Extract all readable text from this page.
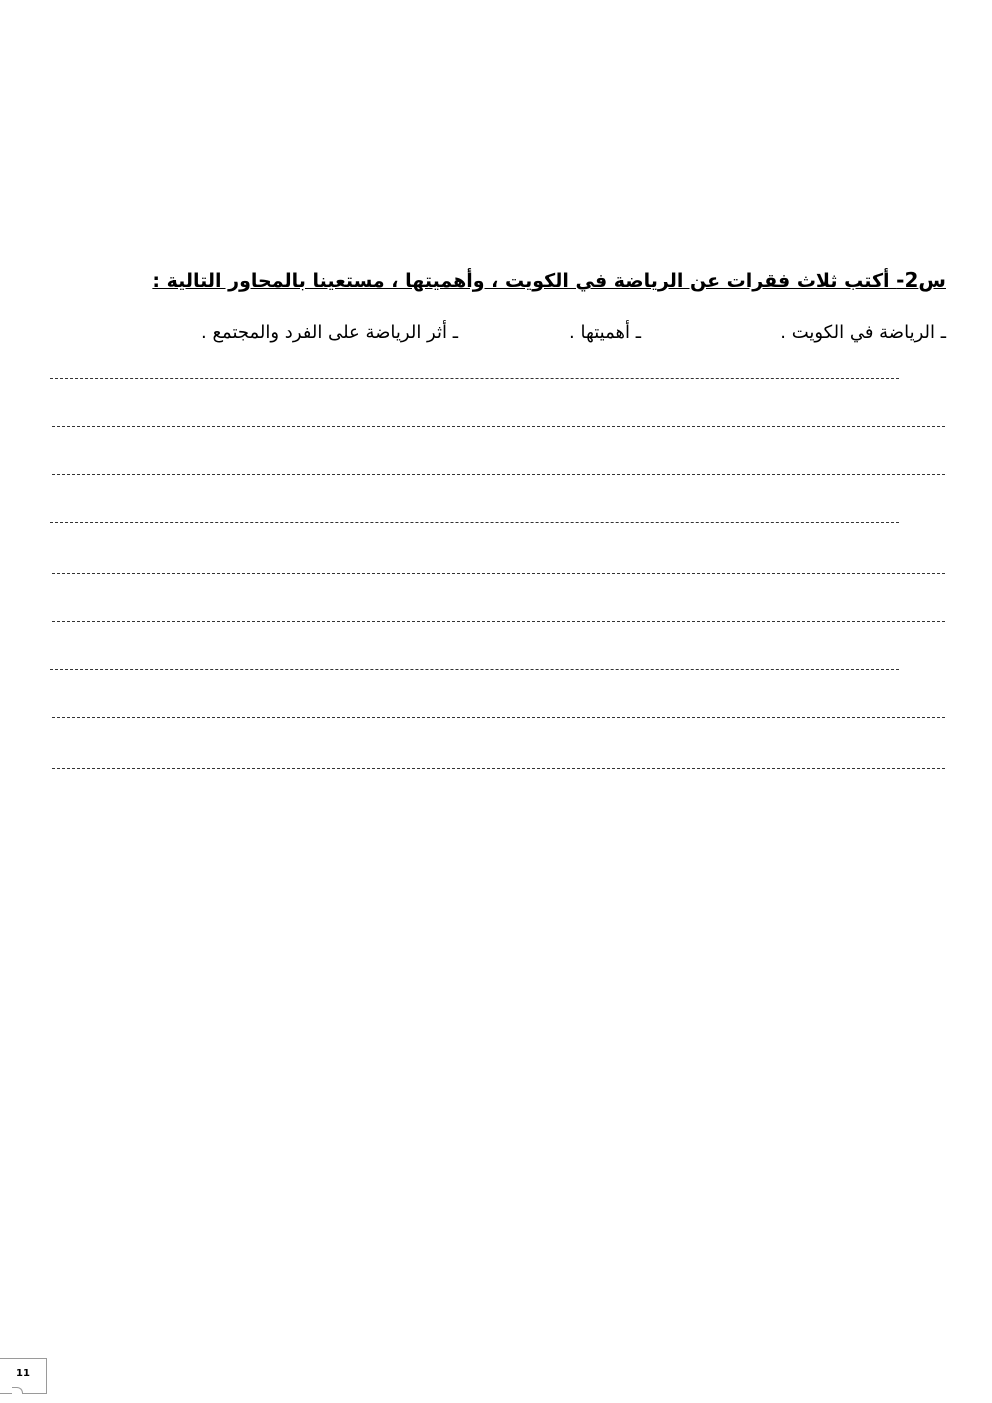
س2- أكتب ثلاث فقرات عن الرياضة في الكويت ، وأهميتها ، مستعينا بالمحاور التالية :
ـ الرياضة في الكويت .
ـ أهميتها .
ـ أثر الرياضة على الفرد والمجتمع .
11
